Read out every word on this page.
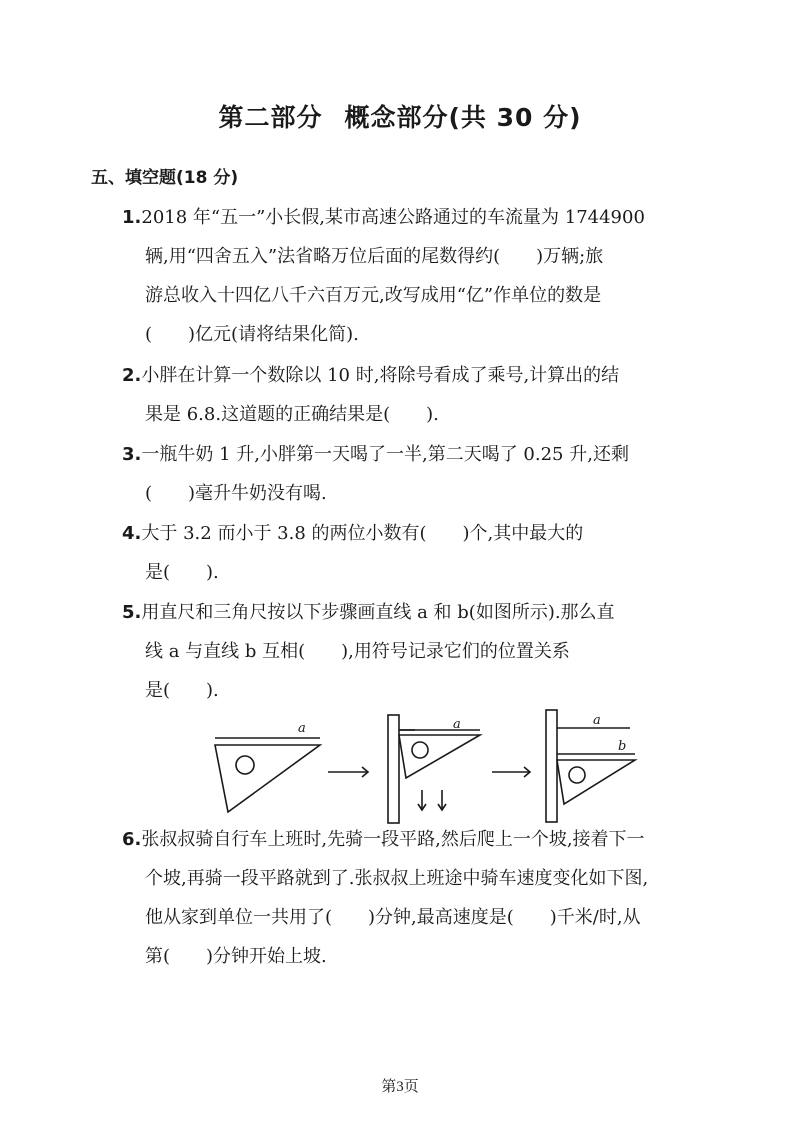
第二部分 概念部分(共 30 分)
五、填空题(18 分)
1.2018 年“五一”小长假,某市高速公路通过的车流量为 1744900
辆,用“四舍五入”法省略万位后面的尾数得约(　　)万辆;旅
游总收入十四亿八千六百万元,改写成用“亿”作单位的数是
(　　)亿元(请将结果化简).
2.小胖在计算一个数除以 10 时,将除号看成了乘号,计算出的结
果是 6.8.这道题的正确结果是(　　).
3.一瓶牛奶 1 升,小胖第一天喝了一半,第二天喝了 0.25 升,还剩
(　　)毫升牛奶没有喝.
4.大于 3.2 而小于 3.8 的两位小数有(　　)个,其中最大的
是(　　).
5.用直尺和三角尺按以下步骤画直线 a 和 b(如图所示).那么直
线 a 与直线 b 互相(　　),用符号记录它们的位置关系
是(　　).
a	a	a
b
6.张叔叔骑自行车上班时,先骑一段平路,然后爬上一个坡,接着下一
个坡,再骑一段平路就到了.张叔叔上班途中骑车速度变化如下图,
他从家到单位一共用了(　　)分钟,最高速度是(　　)千米/时,从
第(　　)分钟开始上坡.
第3页
